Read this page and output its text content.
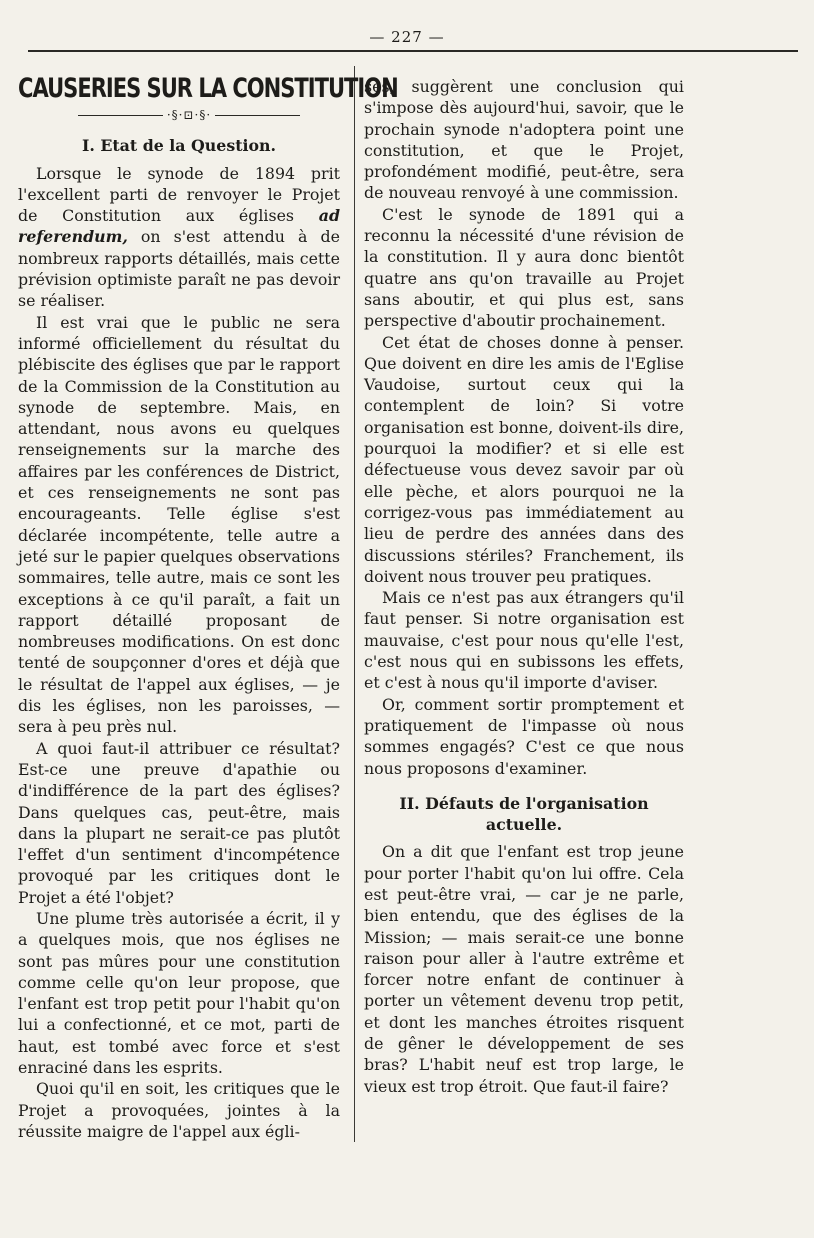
— 227 —
CAUSERIES SUR LA CONSTITUTION
·§·⊡·§·
I. Etat de la Question.

Lorsque le synode de 1894 prit l'excellent parti de renvoyer le Projet de Constitution aux églises ad referendum, on s'est attendu à de nombreux rapports détaillés, mais cette prévision optimiste paraît ne pas devoir se réaliser.

Il est vrai que le public ne sera informé officiellement du résultat du plébiscite des églises que par le rapport de la Commission de la Constitution au synode de septembre. Mais, en attendant, nous avons eu quelques renseignements sur la marche des affaires par les conférences de District, et ces renseignements ne sont pas encourageants. Telle église s'est déclarée incompétente, telle autre a jeté sur le papier quelques observations sommaires, telle autre, mais ce sont les exceptions à ce qu'il paraît, a fait un rapport détaillé proposant de nombreuses modifications. On est donc tenté de soupçonner d'ores et déjà que le résultat de l'appel aux églises, — je dis les églises, non les paroisses, — sera à peu près nul.

A quoi faut-il attribuer ce résultat? Est-ce une preuve d'apathie ou d'indifférence de la part des églises? Dans quelques cas, peut-être, mais dans la plupart ne serait-ce pas plutôt l'effet d'un sentiment d'incompétence provoqué par les critiques dont le Projet a été l'objet?

Une plume très autorisée a écrit, il y a quelques mois, que nos églises ne sont pas mûres pour une constitution comme celle qu'on leur propose, que l'enfant est trop petit pour l'habit qu'on lui a confectionné, et ce mot, parti de haut, est tombé avec force et s'est enraciné dans les esprits.

Quoi qu'il en soit, les critiques que le Projet a provoquées, jointes à la réussite maigre de l'appel aux égli-

ses, suggèrent une conclusion qui s'impose dès aujourd'hui, savoir, que le prochain synode n'adoptera point une constitution, et que le Projet, profondément modifié, peut-être, sera de nouveau renvoyé à une commission.

C'est le synode de 1891 qui a reconnu la nécessité d'une révision de la constitution. Il y aura donc bientôt quatre ans qu'on travaille au Projet sans aboutir, et qui plus est, sans perspective d'aboutir prochainement.

Cet état de choses donne à penser. Que doivent en dire les amis de l'Eglise Vaudoise, surtout ceux qui la contemplent de loin? Si votre organisation est bonne, doivent-ils dire, pourquoi la modifier? et si elle est défectueuse vous devez savoir par où elle pèche, et alors pourquoi ne la corrigez-vous pas immédiatement au lieu de perdre des années dans des discussions stériles? Franchement, ils doivent nous trouver peu pratiques.

Mais ce n'est pas aux étrangers qu'il faut penser. Si notre organisation est mauvaise, c'est pour nous qu'elle l'est, c'est nous qui en subissons les effets, et c'est à nous qu'il importe d'aviser.

Or, comment sortir promptement et pratiquement de l'impasse où nous sommes engagés? C'est ce que nous nous proposons d'examiner.

II. Défauts de l'organisation actuelle.

On a dit que l'enfant est trop jeune pour porter l'habit qu'on lui offre. Cela est peut-être vrai, — car je ne parle, bien entendu, que des églises de la Mission; — mais serait-ce une bonne raison pour aller à l'autre extrême et forcer notre enfant de continuer à porter un vêtement devenu trop petit, et dont les manches étroites risquent de gêner le développement de ses bras? L'habit neuf est trop large, le vieux est trop étroit. Que faut-il faire?
